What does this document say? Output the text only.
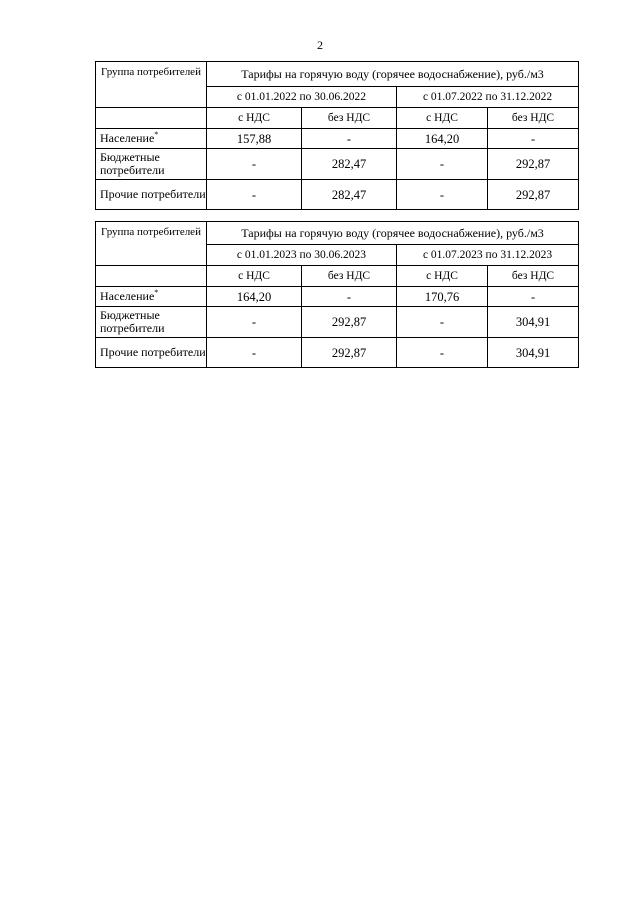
2
Группа потребителей	Тарифы на горячую воду (горячее водоснабжение), руб./м3			
	с 01.01.2022 по 30.06.2022		с 01.07.2022 по 31.12.2022	
	с НДС	без НДС	с НДС	без НДС
Население*	157,88	-	164,20	-
Бюджетные потребители	-	282,47	-	292,87
Прочие потребители	-	282,47	-	292,87
Группа потребителей	Тарифы на горячую воду (горячее водоснабжение), руб./м3			
	с 01.01.2023 по 30.06.2023		с 01.07.2023 по 31.12.2023	
	с НДС	без НДС	с НДС	без НДС
Население*	164,20	-	170,76	-
Бюджетные потребители	-	292,87	-	304,91
Прочие потребители	-	292,87	-	304,91
